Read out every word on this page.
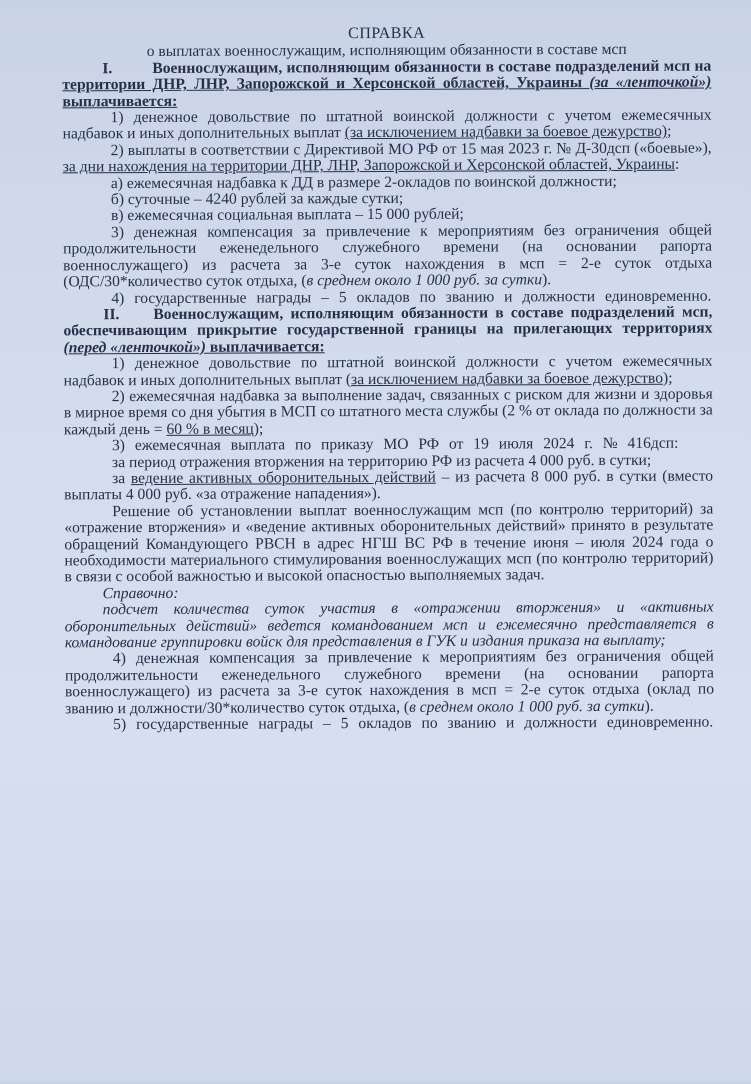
СПРАВКА
о выплатах военнослужащим, исполняющим обязанности в составе мсп

I.	Военнослужащим, исполняющим обязанности в составе подразделений мсп на территории ДНР, ЛНР, Запорожской и Херсонской областей, Украины (за «ленточкой») выплачивается:

1) денежное довольствие по штатной воинской должности с учетом ежемесячных надбавок и иных дополнительных выплат (за исключением надбавки за боевое дежурство);

2) выплаты в соответствии с Директивой МО РФ от 15 мая 2023 г. № Д-30дсп («боевые»), за дни нахождения на территории ДНР, ЛНР, Запорожской и Херсонской областей, Украины:

а) ежемесячная надбавка к ДД в размере 2-окладов по воинской должности;

б) суточные – 4240 рублей за каждые сутки;

в) ежемесячная социальная выплата – 15 000 рублей;

3) денежная компенсация за привлечение к мероприятиям без ограничения общей продолжительности еженедельного служебного времени (на основании рапорта военнослужащего) из расчета за 3-е суток нахождения в мсп = 2-е суток отдыха (ОДС/30*количество суток отдыха, (в среднем около 1 000 руб. за сутки).

4) государственные награды – 5 окладов по званию и должности единовременно.

II. Военнослужащим, исполняющим обязанности в составе подразделений мсп, обеспечивающим прикрытие государственной границы на прилегающих территориях (перед «ленточкой») выплачивается:

1) денежное довольствие по штатной воинской должности с учетом ежемесячных надбавок и иных дополнительных выплат (за исключением надбавки за боевое дежурство);

2) ежемесячная надбавка за выполнение задач, связанных с риском для жизни и здоровья в мирное время со дня убытия в МСП со штатного места службы (2 % от оклада по должности за каждый день = 60 % в месяц);

3) ежемесячная выплата по приказу МО РФ от 19 июля 2024 г. № 416дсп:

за период отражения вторжения на территорию РФ из расчета 4 000 руб. в сутки;

за ведение активных оборонительных действий – из расчета 8 000 руб. в сутки (вместо выплаты 4 000 руб. «за отражение нападения»).

Решение об установлении выплат военнослужащим мсп (по контролю территорий) за «отражение вторжения» и «ведение активных оборонительных действий» принято в результате обращений Командующего РВСН в адрес НГШ ВС РФ в течение июня – июля 2024 года о необходимости материального стимулирования военнослужащих мсп (по контролю территорий) в связи с особой важностью и высокой опасностью выполняемых задач.

Справочно:

подсчет количества суток участия в «отражении вторжения» и «активных оборонительных действий» ведется командованием мсп и ежемесячно представляется в командование группировки войск для представления в ГУК и издания приказа на выплату;

4) денежная компенсация за привлечение к мероприятиям без ограничения общей продолжительности еженедельного служебного времени (на основании рапорта военнослужащего) из расчета за 3-е суток нахождения в мсп = 2-е суток отдыха (оклад по званию и должности/30*количество суток отдыха, (в среднем около 1 000 руб. за сутки).

5) государственные награды – 5 окладов по званию и должности единовременно.
